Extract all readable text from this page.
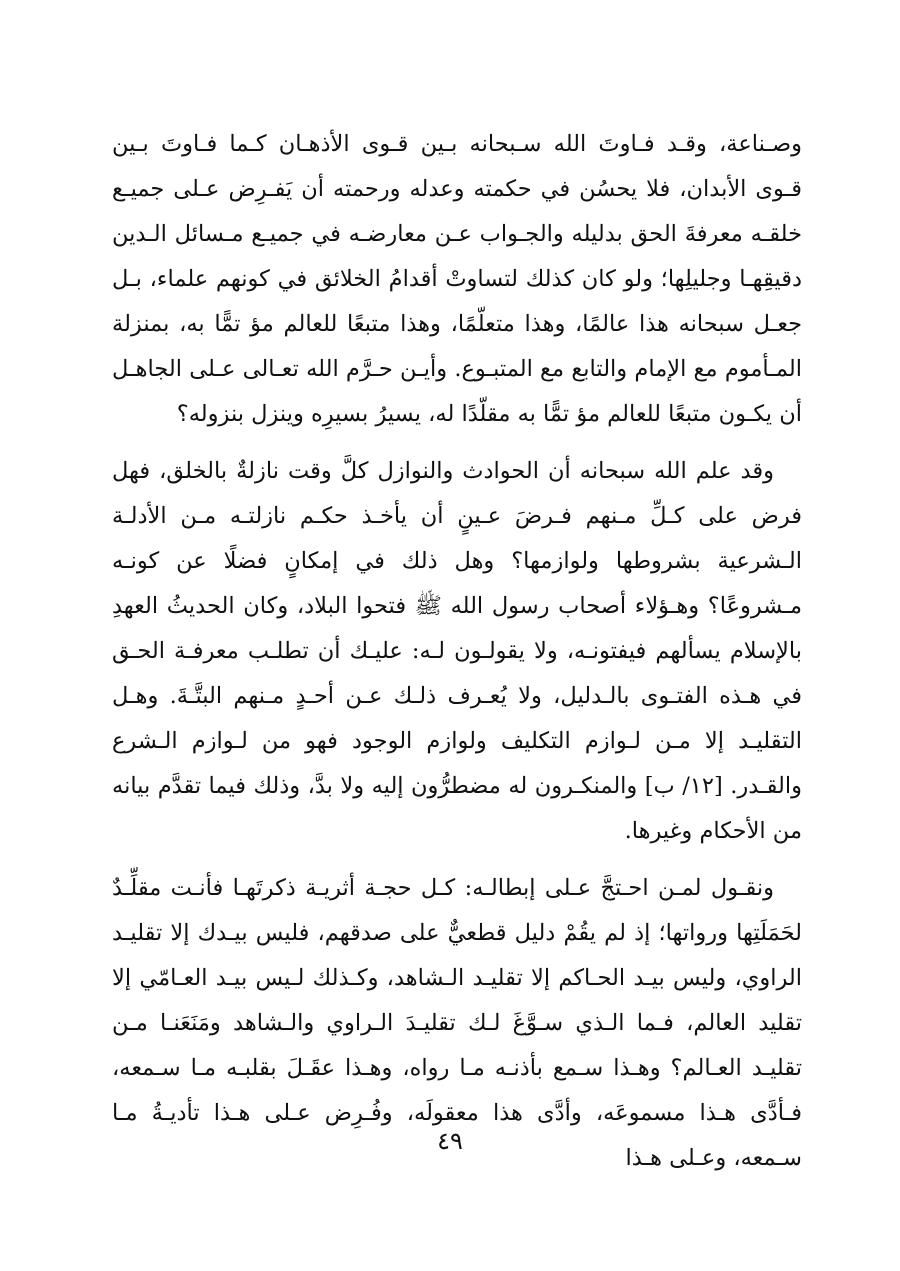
وصـناعة، وقـد فـاوتَ الله سـبحانه بـين قـوى الأذهـان كـما فـاوتَ بـين قـوى الأبدان، فلا يحسُن في حكمته وعدله ورحمته أن يَفـرِض عـلى جميـع خلقـه معرفةَ الحق بدليله والجـواب عـن معارضـه في جميـع مـسائل الـدين دقيقِهـا وجليلِها؛ ولو كان كذلك لتساوتْ أقدامُ الخلائق في كونهم علماء، بـل جعـل سبحانه هذا عالمًا، وهذا متعلّمًا، وهذا متبعًا للعالم مؤ تمًّا به، بمنزلة المـأموم مع الإمام والتابع مع المتبـوع. وأيـن حـرَّم الله تعـالى عـلى الجاهـل أن يكـون متبعًا للعالم مؤ تمًّا به مقلّدًا له، يسيرُ بسيرِه وينزل بنزوله؟

وقد علم الله سبحانه أن الحوادث والنوازل كلَّ وقت نازلةٌ بالخلق، فهل فرض على كـلِّ مـنهم فـرضَ عـينٍ أن يأخـذ حكـم نازلتـه مـن الأدلـة الـشرعية بشروطها ولوازمها؟ وهل ذلك في إمكانٍ فضلًا عن كونـه مـشروعًا؟ وهـؤلاء أصحاب رسول الله ﷺ فتحوا البلاد، وكان الحديثُ العهدِ بالإسلام يسألهم فيفتونـه، ولا يقولـون لـه: عليـك أن تطلـب معرفـة الحـق في هـذه الفتـوى بالـدليل، ولا يُعـرف ذلـك عـن أحـدٍ مـنهم البتَّـةَ. وهـل التقليـد إلا مـن لـوازم التكليف ولوازم الوجود فهو من لـوازم الـشرع والقـدر. [١٢/ ب] والمنكـرون له مضطرُّون إليه ولا بدَّ، وذلك فيما تقدَّم بيانه من الأحكام وغيرها.

ونقـول لمـن احـتجَّ عـلى إبطالـه: كـل حجـة أثريـة ذكرتَهـا فأنـت مقلِّـدٌ لحَمَلَتِها ورواتها؛ إذ لم يقُمْ دليل قطعيٌّ على صدقهم، فليس بيـدك إلا تقليـد الراوي، وليس بيـد الحـاكم إلا تقليـد الـشاهد، وكـذلك لـيس بيـد العـامّي إلا تقليد العالم، فـما الـذي سـوَّغَ لـك تقليـدَ الـراوي والـشاهد ومَنَعَنـا مـن تقليـد العـالم؟ وهـذا سـمع بأذنـه مـا رواه، وهـذا عقَـلَ بقلبـه مـا سـمعه، فـأدَّى هـذا مسموعَه، وأدَّى هذا معقولَه، وفُـرِض عـلى هـذا تأديـةُ مـا سـمعه، وعـلى هـذا

٤٩
